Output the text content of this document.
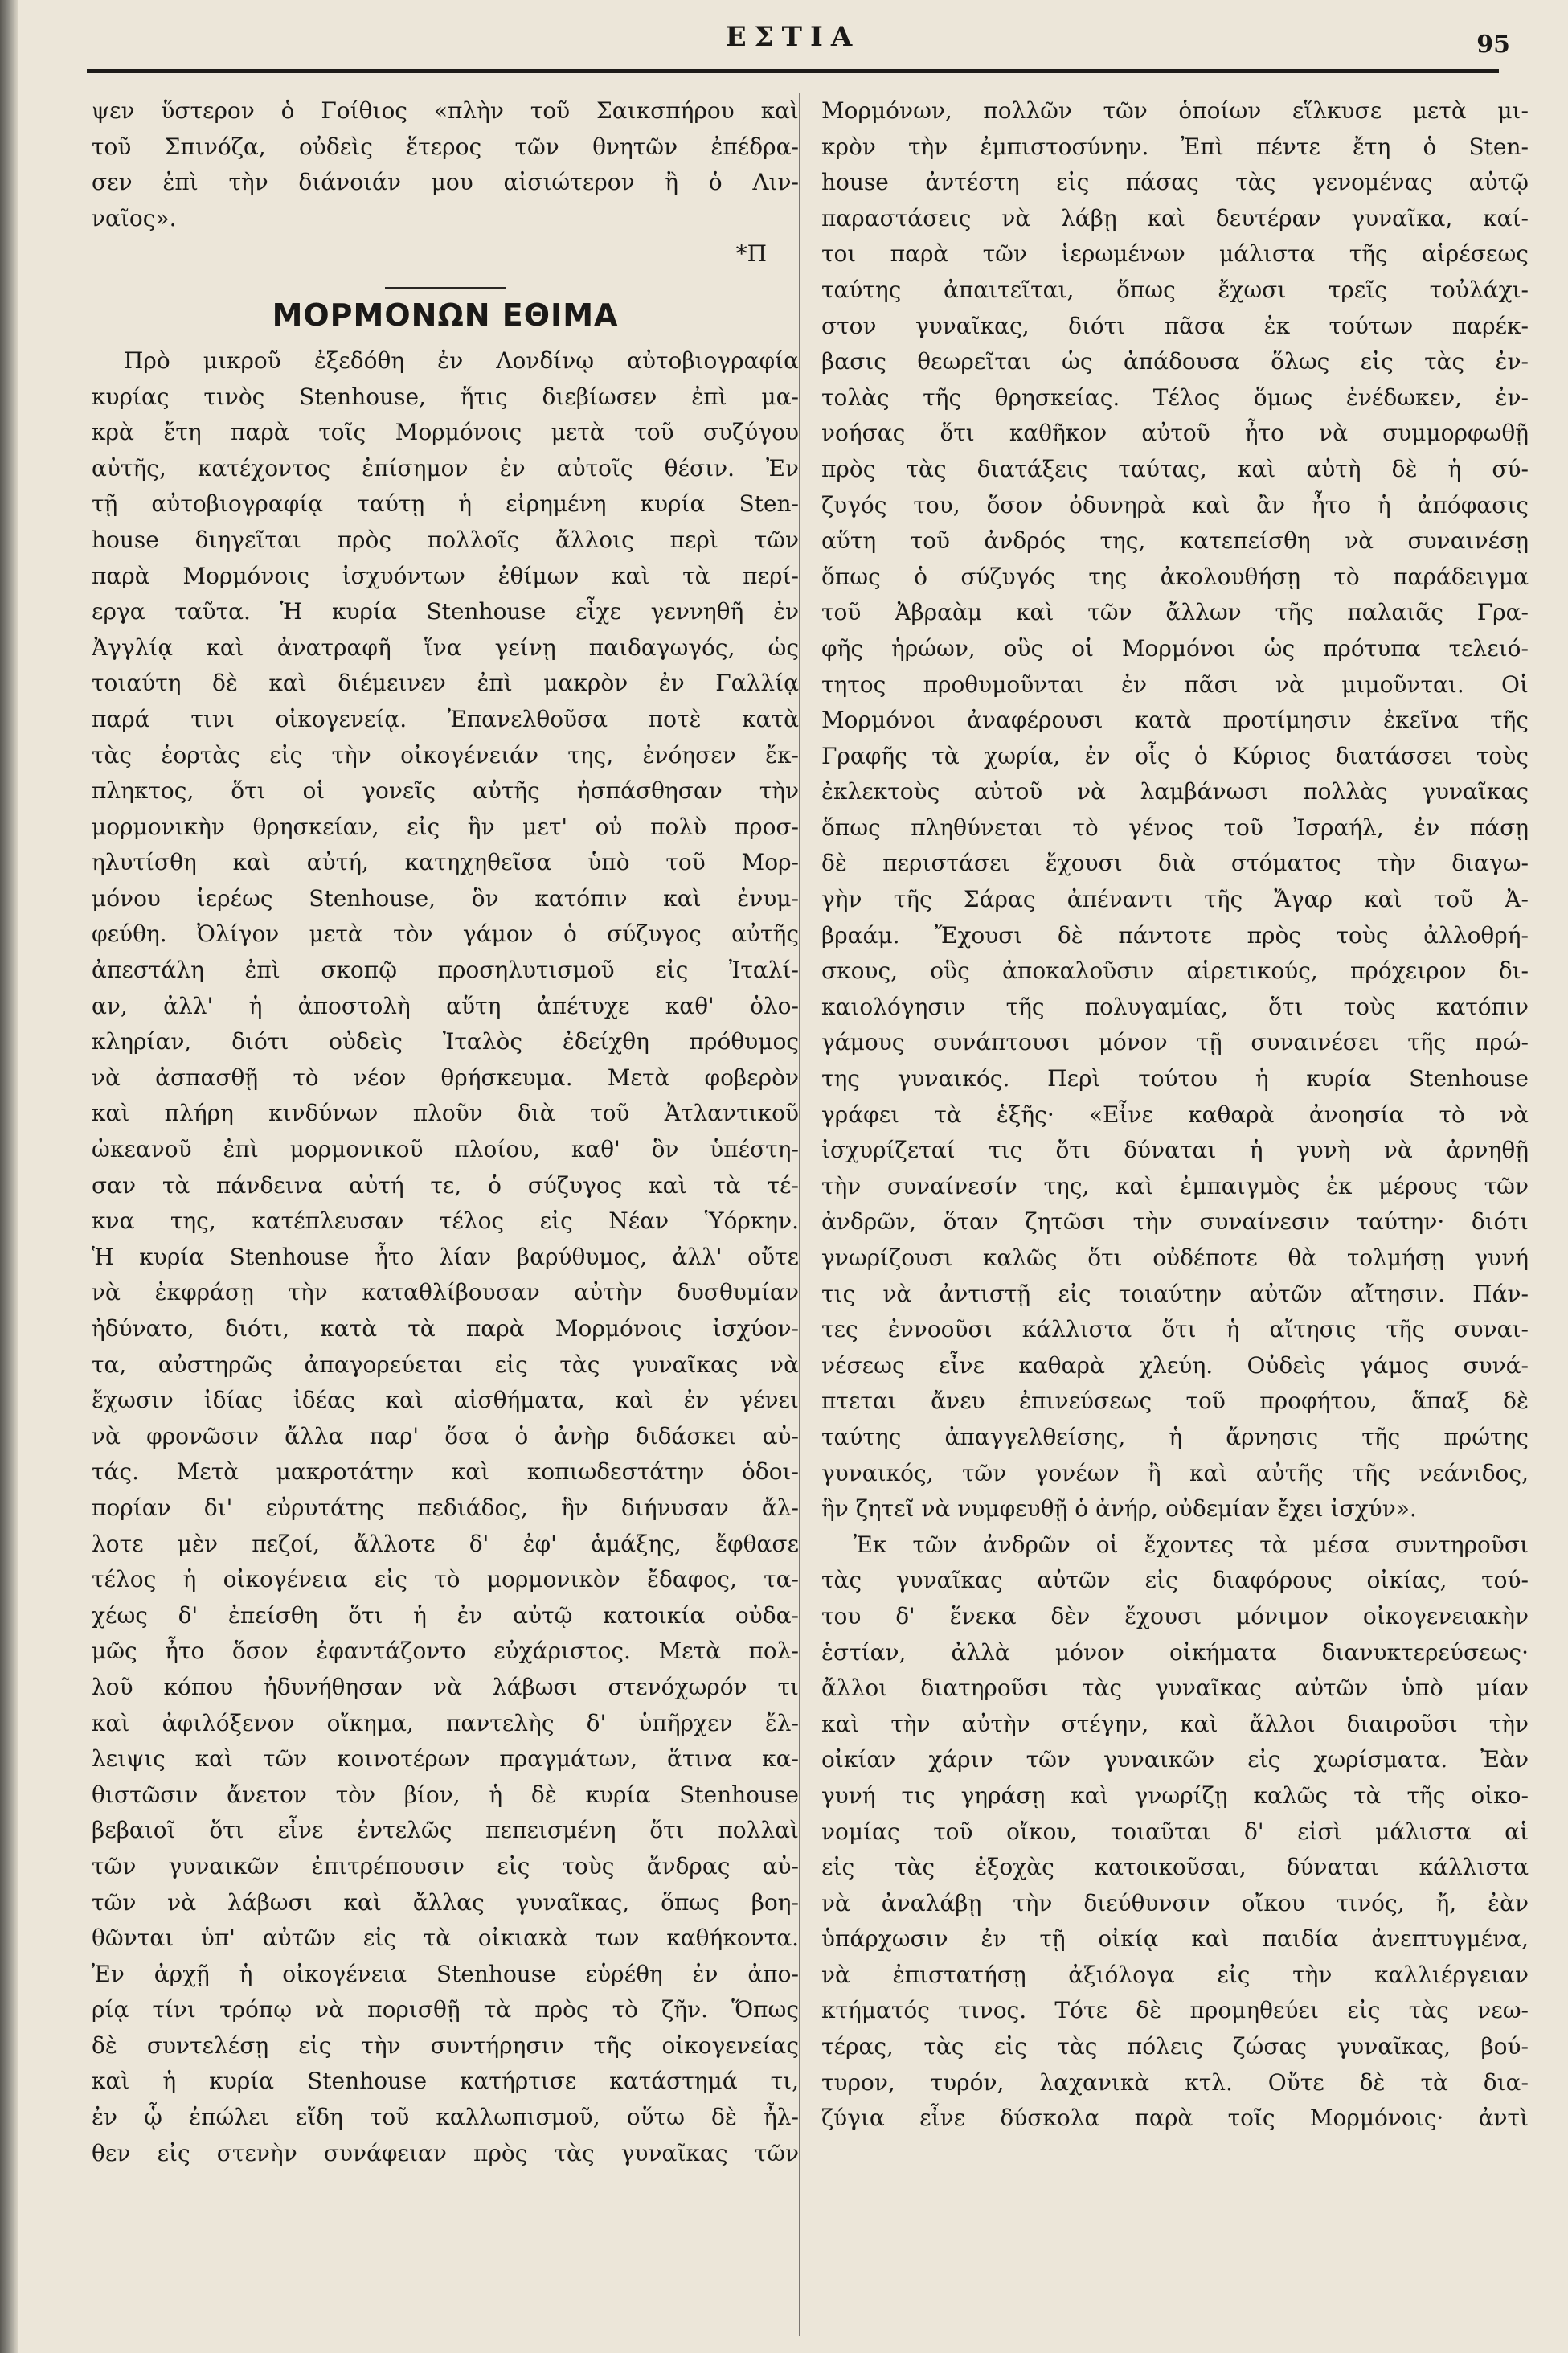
ΕΣΤΙΑ	95

ψεν ὕστερον ὁ Γοίθιος «πλὴν τοῦ Σαικσπήρου καὶ

τοῦ Σπινόζα, οὐδεὶς ἕτερος τῶν θνητῶν ἐπέδρα-

σεν ἐπὶ τὴν διάνοιάν μου αἰσιώτερον ἢ ὁ Λιν-

ναῖος».

*Π
ΜΟΡΜΟΝΩΝ ΕΘΙΜΑ

Πρὸ μικροῦ ἐξεδόθη ἐν Λονδίνῳ αὐτοβιογραφία

κυρίας τινὸς Stenhouse, ἥτις διεβίωσεν ἐπὶ μα-

κρὰ ἔτη παρὰ τοῖς Μορμόνοις μετὰ τοῦ συζύγου

αὐτῆς, κατέχοντος ἐπίσημον ἐν αὐτοῖς θέσιν. Ἐν

τῇ αὐτοβιογραφίᾳ ταύτῃ ἡ εἰρημένη κυρία Sten-

house διηγεῖται πρὸς πολλοῖς ἄλλοις περὶ τῶν

παρὰ Μορμόνοις ἰσχυόντων ἐθίμων καὶ τὰ περί-

εργα ταῦτα. Ἡ κυρία Stenhouse εἶχε γεννηθῆ ἐν

Ἀγγλίᾳ καὶ ἀνατραφῆ ἵνα γείνῃ παιδαγωγός, ὡς

τοιαύτη δὲ καὶ διέμεινεν ἐπὶ μακρὸν ἐν Γαλλίᾳ

παρά τινι οἰκογενείᾳ. Ἐπανελθοῦσα ποτὲ κατὰ

τὰς ἑορτὰς εἰς τὴν οἰκογένειάν της, ἐνόησεν ἔκ-

πληκτος, ὅτι οἱ γονεῖς αὐτῆς ἠσπάσθησαν τὴν

μορμονικὴν θρησκείαν, εἰς ἣν μετ' οὐ πολὺ προσ-

ηλυτίσθη καὶ αὐτή, κατηχηθεῖσα ὑπὸ τοῦ Μορ-

μόνου ἱερέως Stenhouse, ὃν κατόπιν καὶ ἐνυμ-

φεύθη. Ὀλίγον μετὰ τὸν γάμον ὁ σύζυγος αὐτῆς

ἀπεστάλη ἐπὶ σκοπῷ προσηλυτισμοῦ εἰς Ἰταλί-

αν, ἀλλ' ἡ ἀποστολὴ αὕτη ἀπέτυχε καθ' ὁλο-

κληρίαν, διότι οὐδεὶς Ἰταλὸς ἐδείχθη πρόθυμος

νὰ ἀσπασθῇ τὸ νέον θρήσκευμα. Μετὰ φοβερὸν

καὶ πλήρη κινδύνων πλοῦν διὰ τοῦ Ἀτλαντικοῦ

ὠκεανοῦ ἐπὶ μορμονικοῦ πλοίου, καθ' ὃν ὑπέστη-

σαν τὰ πάνδεινα αὐτή τε, ὁ σύζυγος καὶ τὰ τέ-

κνα της, κατέπλευσαν τέλος εἰς Νέαν Ὑόρκην.

Ἡ κυρία Stenhouse ἦτο λίαν βαρύθυμος, ἀλλ' οὔτε

νὰ ἐκφράσῃ τὴν καταθλίβουσαν αὐτὴν δυσθυμίαν

ἠδύνατο, διότι, κατὰ τὰ παρὰ Μορμόνοις ἰσχύον-

τα, αὐστηρῶς ἀπαγορεύεται εἰς τὰς γυναῖκας νὰ

ἔχωσιν ἰδίας ἰδέας καὶ αἰσθήματα, καὶ ἐν γένει

νὰ φρονῶσιν ἄλλα παρ' ὅσα ὁ ἀνὴρ διδάσκει αὐ-

τάς. Μετὰ μακροτάτην καὶ κοπιωδεστάτην ὁδοι-

πορίαν δι' εὐρυτάτης πεδιάδος, ἣν διήνυσαν ἄλ-

λοτε μὲν πεζοί, ἄλλοτε δ' ἐφ' ἁμάξης, ἔφθασε

τέλος ἡ οἰκογένεια εἰς τὸ μορμονικὸν ἔδαφος, τα-

χέως δ' ἐπείσθη ὅτι ἡ ἐν αὐτῷ κατοικία οὐδα-

μῶς ἦτο ὅσον ἐφαντάζοντο εὐχάριστος. Μετὰ πολ-

λοῦ κόπου ἠδυνήθησαν νὰ λάβωσι στενόχωρόν τι

καὶ ἀφιλόξενον οἴκημα, παντελὴς δ' ὑπῆρχεν ἔλ-

λειψις καὶ τῶν κοινοτέρων πραγμάτων, ἅτινα κα-

θιστῶσιν ἄνετον τὸν βίον, ἡ δὲ κυρία Stenhouse

βεβαιοῖ ὅτι εἶνε ἐντελῶς πεπεισμένη ὅτι πολλαὶ

τῶν γυναικῶν ἐπιτρέπουσιν εἰς τοὺς ἄνδρας αὐ-

τῶν νὰ λάβωσι καὶ ἄλλας γυναῖκας, ὅπως βοη-

θῶνται ὑπ' αὐτῶν εἰς τὰ οἰκιακὰ των καθήκοντα.

Ἐν ἀρχῇ ἡ οἰκογένεια Stenhouse εὑρέθη ἐν ἀπο-

ρίᾳ τίνι τρόπῳ νὰ πορισθῇ τὰ πρὸς τὸ ζῆν. Ὅπως

δὲ συντελέσῃ εἰς τὴν συντήρησιν τῆς οἰκογενείας

καὶ ἡ κυρία Stenhouse κατήρτισε κατάστημά τι,

ἐν ᾧ ἐπώλει εἴδη τοῦ καλλωπισμοῦ, οὕτω δὲ ἦλ-

θεν εἰς στενὴν συνάφειαν πρὸς τὰς γυναῖκας τῶν

Μορμόνων, πολλῶν τῶν ὁποίων εἵλκυσε μετὰ μι-

κρὸν τὴν ἐμπιστοσύνην. Ἐπὶ πέντε ἔτη ὁ Sten-

house ἀντέστη εἰς πάσας τὰς γενομένας αὐτῷ

παραστάσεις νὰ λάβῃ καὶ δευτέραν γυναῖκα, καί-

τοι παρὰ τῶν ἱερωμένων μάλιστα τῆς αἱρέσεως

ταύτης ἀπαιτεῖται, ὅπως ἔχωσι τρεῖς τοὐλάχι-

στον γυναῖκας, διότι πᾶσα ἐκ τούτων παρέκ-

βασις θεωρεῖται ὡς ἀπάδουσα ὅλως εἰς τὰς ἐν-

τολὰς τῆς θρησκείας. Τέλος ὅμως ἐνέδωκεν, ἐν-

νοήσας ὅτι καθῆκον αὐτοῦ ἦτο νὰ συμμορφωθῇ

πρὸς τὰς διατάξεις ταύτας, καὶ αὐτὴ δὲ ἡ σύ-

ζυγός του, ὅσον ὀδυνηρὰ καὶ ἂν ἦτο ἡ ἀπόφασις

αὕτη τοῦ ἀνδρός της, κατεπείσθη νὰ συναινέσῃ

ὅπως ὁ σύζυγός της ἀκολουθήσῃ τὸ παράδειγμα

τοῦ Ἀβραὰμ καὶ τῶν ἄλλων τῆς παλαιᾶς Γρα-

φῆς ἡρώων, οὓς οἱ Μορμόνοι ὡς πρότυπα τελειό-

τητος προθυμοῦνται ἐν πᾶσι νὰ μιμοῦνται. Οἱ

Μορμόνοι ἀναφέρουσι κατὰ προτίμησιν ἐκεῖνα τῆς

Γραφῆς τὰ χωρία, ἐν οἷς ὁ Κύριος διατάσσει τοὺς

ἐκλεκτοὺς αὐτοῦ νὰ λαμβάνωσι πολλὰς γυναῖκας

ὅπως πληθύνεται τὸ γένος τοῦ Ἰσραήλ, ἐν πάσῃ

δὲ περιστάσει ἔχουσι διὰ στόματος τὴν διαγω-

γὴν τῆς Σάρας ἀπέναντι τῆς Ἄγαρ καὶ τοῦ Ἀ-

βραάμ. Ἔχουσι δὲ πάντοτε πρὸς τοὺς ἀλλοθρή-

σκους, οὓς ἀποκαλοῦσιν αἱρετικούς, πρόχειρον δι-

καιολόγησιν τῆς πολυγαμίας, ὅτι τοὺς κατόπιν

γάμους συνάπτουσι μόνον τῇ συναινέσει τῆς πρώ-

της γυναικός. Περὶ τούτου ἡ κυρία Stenhouse

γράφει τὰ ἑξῆς· «Εἶνε καθαρὰ ἀνοησία τὸ νὰ

ἰσχυρίζεταί τις ὅτι δύναται ἡ γυνὴ νὰ ἀρνηθῇ

τὴν συναίνεσίν της, καὶ ἐμπαιγμὸς ἐκ μέρους τῶν

ἀνδρῶν, ὅταν ζητῶσι τὴν συναίνεσιν ταύτην· διότι

γνωρίζουσι καλῶς ὅτι οὐδέποτε θὰ τολμήσῃ γυνή

τις νὰ ἀντιστῇ εἰς τοιαύτην αὐτῶν αἴτησιν. Πάν-

τες ἐννοοῦσι κάλλιστα ὅτι ἡ αἴτησις τῆς συναι-

νέσεως εἶνε καθαρὰ χλεύη. Οὐδεὶς γάμος συνά-

πτεται ἄνευ ἐπινεύσεως τοῦ προφήτου, ἅπαξ δὲ

ταύτης ἀπαγγελθείσης, ἡ ἄρνησις τῆς πρώτης

γυναικός, τῶν γονέων ἢ καὶ αὐτῆς τῆς νεάνιδος,

ἣν ζητεῖ νὰ νυμφευθῇ ὁ ἀνήρ, οὐδεμίαν ἔχει ἰσχύν».

Ἐκ τῶν ἀνδρῶν οἱ ἔχοντες τὰ μέσα συντηροῦσι

τὰς γυναῖκας αὐτῶν εἰς διαφόρους οἰκίας, τού-

του δ' ἕνεκα δὲν ἔχουσι μόνιμον οἰκογενειακὴν

ἑστίαν, ἀλλὰ μόνον οἰκήματα διανυκτερεύσεως·

ἄλλοι διατηροῦσι τὰς γυναῖκας αὐτῶν ὑπὸ μίαν

καὶ τὴν αὐτὴν στέγην, καὶ ἄλλοι διαιροῦσι τὴν

οἰκίαν χάριν τῶν γυναικῶν εἰς χωρίσματα. Ἐὰν

γυνή τις γηράσῃ καὶ γνωρίζῃ καλῶς τὰ τῆς οἰκο-

νομίας τοῦ οἴκου, τοιαῦται δ' εἰσὶ μάλιστα αἱ

εἰς τὰς ἐξοχὰς κατοικοῦσαι, δύναται κάλλιστα

νὰ ἀναλάβῃ τὴν διεύθυνσιν οἴκου τινός, ἤ, ἐὰν

ὑπάρχωσιν ἐν τῇ οἰκίᾳ καὶ παιδία ἀνεπτυγμένα,

νὰ ἐπιστατήσῃ ἀξιόλογα εἰς τὴν καλλιέργειαν

κτήματός τινος. Τότε δὲ προμηθεύει εἰς τὰς νεω-

τέρας, τὰς εἰς τὰς πόλεις ζώσας γυναῖκας, βού-

τυρον, τυρόν, λαχανικὰ κτλ. Οὔτε δὲ τὰ δια-

ζύγια εἶνε δύσκολα παρὰ τοῖς Μορμόνοις· ἀντὶ
